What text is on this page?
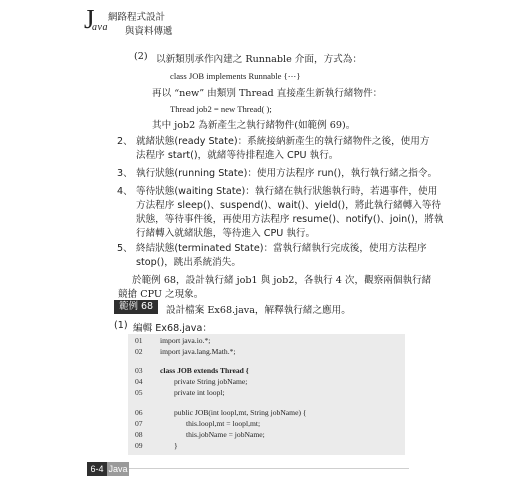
J
ava
網路程式設計
與資料傳遞
(2) 以新類別承作內建之 Runnable 介面，方式為：
class JOB implements Runnable {⋯}
再以 “new” 由類別 Thread 直接產生新執行緒物件：
Thread job2 = new Thread( );
其中 job2 為新產生之執行緒物件(如範例 69)。
2、 就緒狀態(ready State)：系統接納新產生的執行緒物件之後，使用方
法程序 start()，就緒等待排程進入 CPU 執行。
3、 執行狀態(running State)：使用方法程序 run()，執行執行緒之指令。
4、 等待狀態(waiting State)：執行緒在執行狀態執行時，若遇事件，使用
方法程序 sleep()、suspend()、wait()、yield()，將此執行緒轉入等待
狀態，等待事件後，再使用方法程序 resume()、notify()、join()，將執
行緒轉入就緒狀態，等待進入 CPU 執行。
5、 終結狀態(terminated State)：當執行緒執行完成後，使用方法程序
stop()，跳出系統消失。
於範例 68，設計執行緒 job1 與 job2，各執行 4 次，觀察兩個執行緒
競搶 CPU 之現象。
範例 68	設計檔案 Ex68.java，解釋執行緒之應用。
(1) 編輯 Ex68.java：
01 import java.io.*;
02 import java.lang.Math.*;
03 class JOB extends Thread {
04	private String jobName;
05	private int loopl;
06	public JOB(int loopl,mt, String jobName) {
07	this.loopl,mt = loopl,mt;
08	this.jobName = jobName;
09	}
6-4 Java
